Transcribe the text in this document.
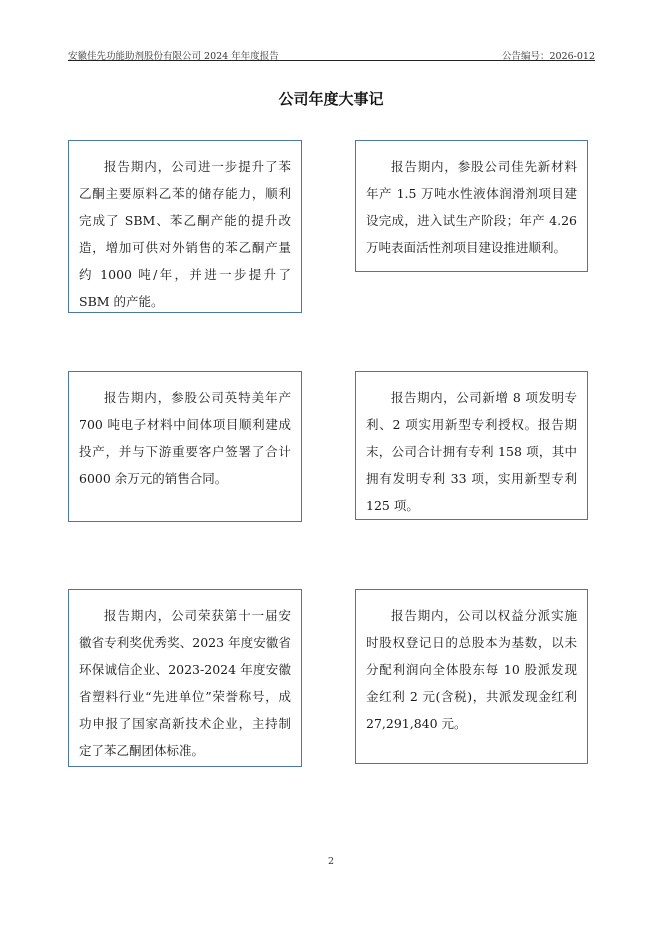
安徽佳先功能助剂股份有限公司 2024 年年度报告	公告编号：2026-012
公司年度大事记

报告期内，公司进一步提升了苯乙酮主要原料乙苯的储存能力，顺利完成了 SBM、苯乙酮产能的提升改造，增加可供对外销售的苯乙酮产量约 1000 吨/年，并进一步提升了 SBM 的产能。

报告期内，参股公司佳先新材料年产 1.5 万吨水性液体润滑剂项目建设完成，进入试生产阶段；年产 4.26 万吨表面活性剂项目建设推进顺利。

报告期内，参股公司英特美年产 700 吨电子材料中间体项目顺利建成投产，并与下游重要客户签署了合计 6000 余万元的销售合同。

报告期内，公司新增 8 项发明专利、2 项实用新型专利授权。报告期末，公司合计拥有专利 158 项，其中拥有发明专利 33 项，实用新型专利 125 项。

报告期内，公司荣获第十一届安徽省专利奖优秀奖、2023 年度安徽省环保诚信企业、2023-2024 年度安徽省塑料行业“先进单位”荣誉称号，成功申报了国家高新技术企业，主持制定了苯乙酮团体标准。

报告期内，公司以权益分派实施时股权登记日的总股本为基数，以未分配利润向全体股东每 10 股派发现金红利 2 元(含税)，共派发现金红利 27,291,840 元。

2
